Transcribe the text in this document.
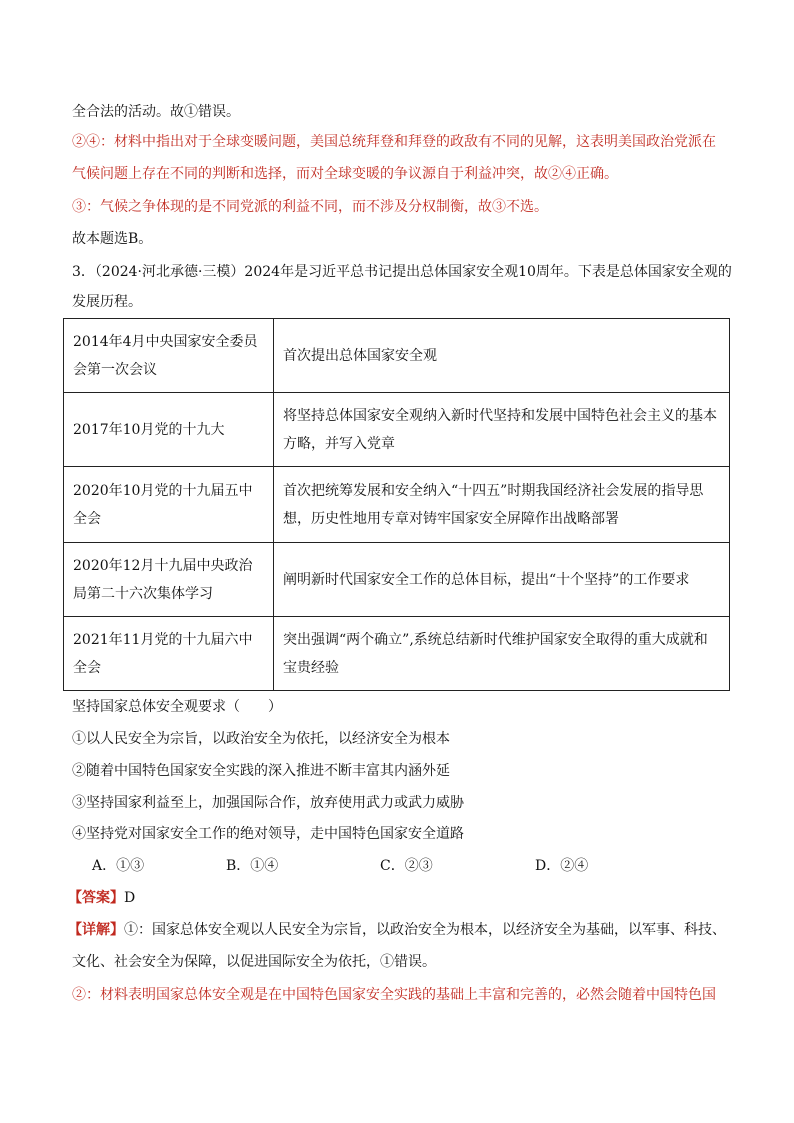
全合法的活动。故①错误。
②④：材料中指出对于全球变暖问题，美国总统拜登和拜登的政敌有不同的见解，这表明美国政治党派在
气候问题上存在不同的判断和选择，而对全球变暖的争议源自于利益冲突，故②④正确。
③：气候之争体现的是不同党派的利益不同，而不涉及分权制衡，故③不选。
故本题选B。
3．（2024·河北承德·三模）2024年是习近平总书记提出总体国家安全观10周年。下表是总体国家安全观的
发展历程。
2014年4月中央国家安全委员会第一次会议	首次提出总体国家安全观
2017年10月党的十九大	将坚持总体国家安全观纳入新时代坚持和发展中国特色社会主义的基本方略，并写入党章
2020年10月党的十九届五中全会	首次把统筹发展和安全纳入“十四五”时期我国经济社会发展的指导思想，历史性地用专章对铸牢国家安全屏障作出战略部署
2020年12月十九届中央政治局第二十六次集体学习	阐明新时代国家安全工作的总体目标，提出“十个坚持”的工作要求
2021年11月党的十九届六中全会	突出强调“两个确立”,系统总结新时代维护国家安全取得的重大成就和宝贵经验
坚持国家总体安全观要求（　　）
①以人民安全为宗旨，以政治安全为依托，以经济安全为根本
②随着中国特色国家安全实践的深入推进不断丰富其内涵外延
③坚持国家利益至上，加强国际合作，放弃使用武力或武力威胁
④坚持党对国家安全工作的绝对领导，走中国特色国家安全道路
A．①③	B．①④	C．②③	D．②④
【答案】D
【详解】①：国家总体安全观以人民安全为宗旨，以政治安全为根本，以经济安全为基础，以军事、科技、
文化、社会安全为保障，以促进国际安全为依托，①错误。
②：材料表明国家总体安全观是在中国特色国家安全实践的基础上丰富和完善的，必然会随着中国特色国
